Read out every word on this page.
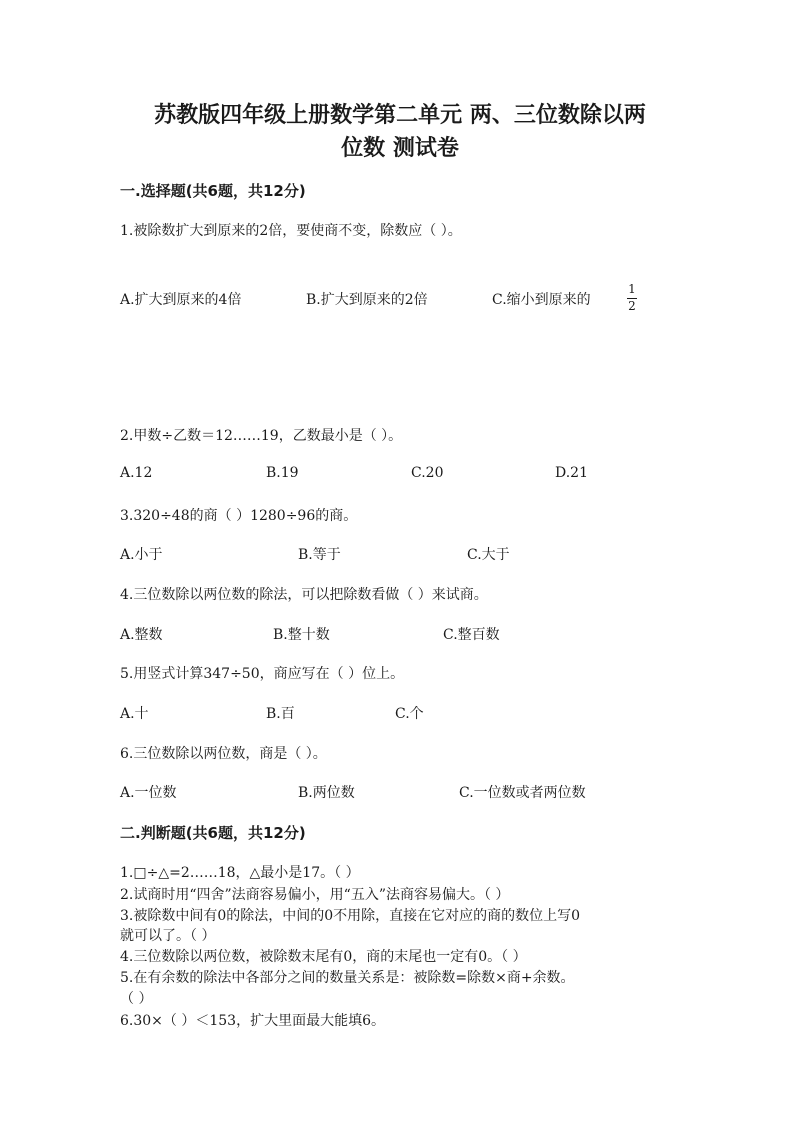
苏教版四年级上册数学第二单元 两、三位数除以两
位数 测试卷
一.选择题(共6题，共12分)
1.被除数扩大到原来的2倍，要使商不变，除数应（ ）。
A.扩大到原来的4倍	B.扩大到原来的2倍	C.缩小到原来的
1
2
2.甲数÷乙数＝12……19，乙数最小是（ ）。
A.12	B.19	C.20	D.21
3.320÷48的商（ ）1280÷96的商。
A.小于	B.等于	C.大于
4.三位数除以两位数的除法，可以把除数看做（ ）来试商。
A.整数	B.整十数	C.整百数
5.用竖式计算347÷50，商应写在（ ）位上。
A.十	B.百	C.个
6.三位数除以两位数，商是（ ）。
A.一位数	B.两位数	C.一位数或者两位数
二.判断题(共6题，共12分)
1.□÷△=2……18，△最小是17。（ ）
2.试商时用“四舍”法商容易偏小，用“五入”法商容易偏大。（ ）
3.被除数中间有0的除法，中间的0不用除，直接在它对应的商的数位上写0
就可以了。（ ）
4.三位数除以两位数，被除数末尾有0，商的末尾也一定有0。（ ）
5.在有余数的除法中各部分之间的数量关系是：被除数=除数×商+余数。
（ ）
6.30×（ ）＜153，扩大里面最大能填6。
